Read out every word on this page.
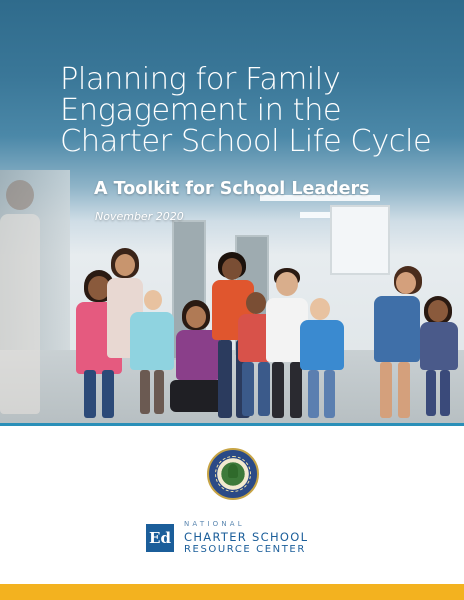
Planning for Family
Engagement in the
Charter School Life Cycle
A Toolkit for School Leaders
November 2020
Ed
NATIONAL
CHARTER SCHOOL
RESOURCE CENTER
